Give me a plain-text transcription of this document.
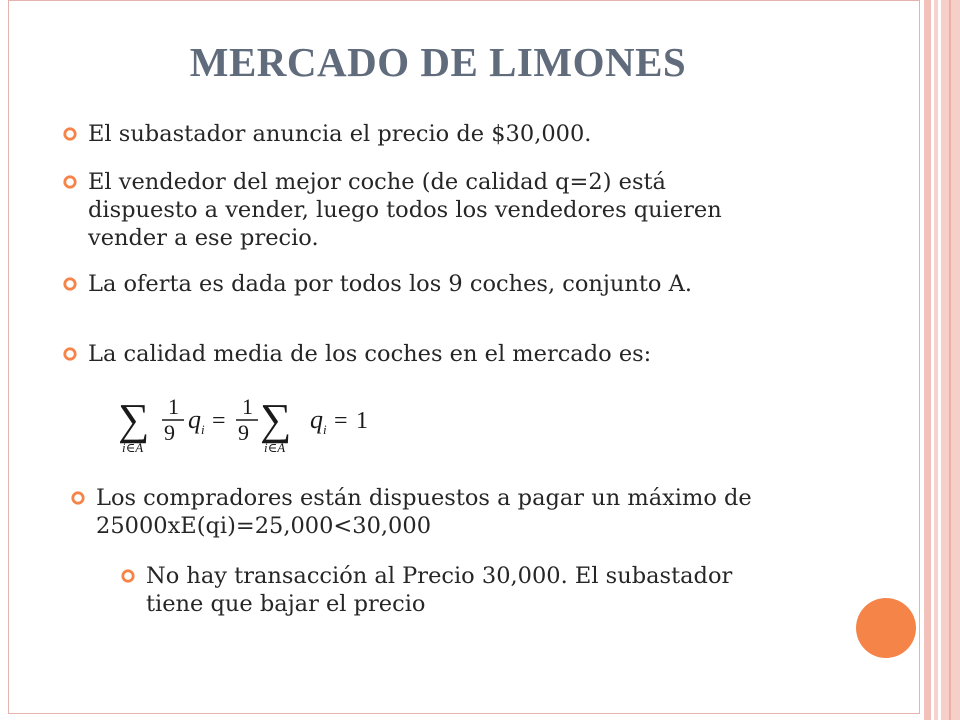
MERCADO DE LIMONES
El subastador anuncia el precio de $30,000.
El vendedor del mejor coche (de calidad q=2) está dispuesto a vender, luego todos los vendedores quieren vender a ese precio.
La oferta es dada por todos los 9 coches, conjunto A.
La calidad media de los coches en el mercado es:
∑
i∈A
1
9 q i =
1
9 ∑
i∈A
q i = 1
Los compradores están dispuestos a pagar un máximo de 25000xE(qi)=25,000<30,000
No hay transacción al Precio 30,000. El subastador tiene que bajar el precio
